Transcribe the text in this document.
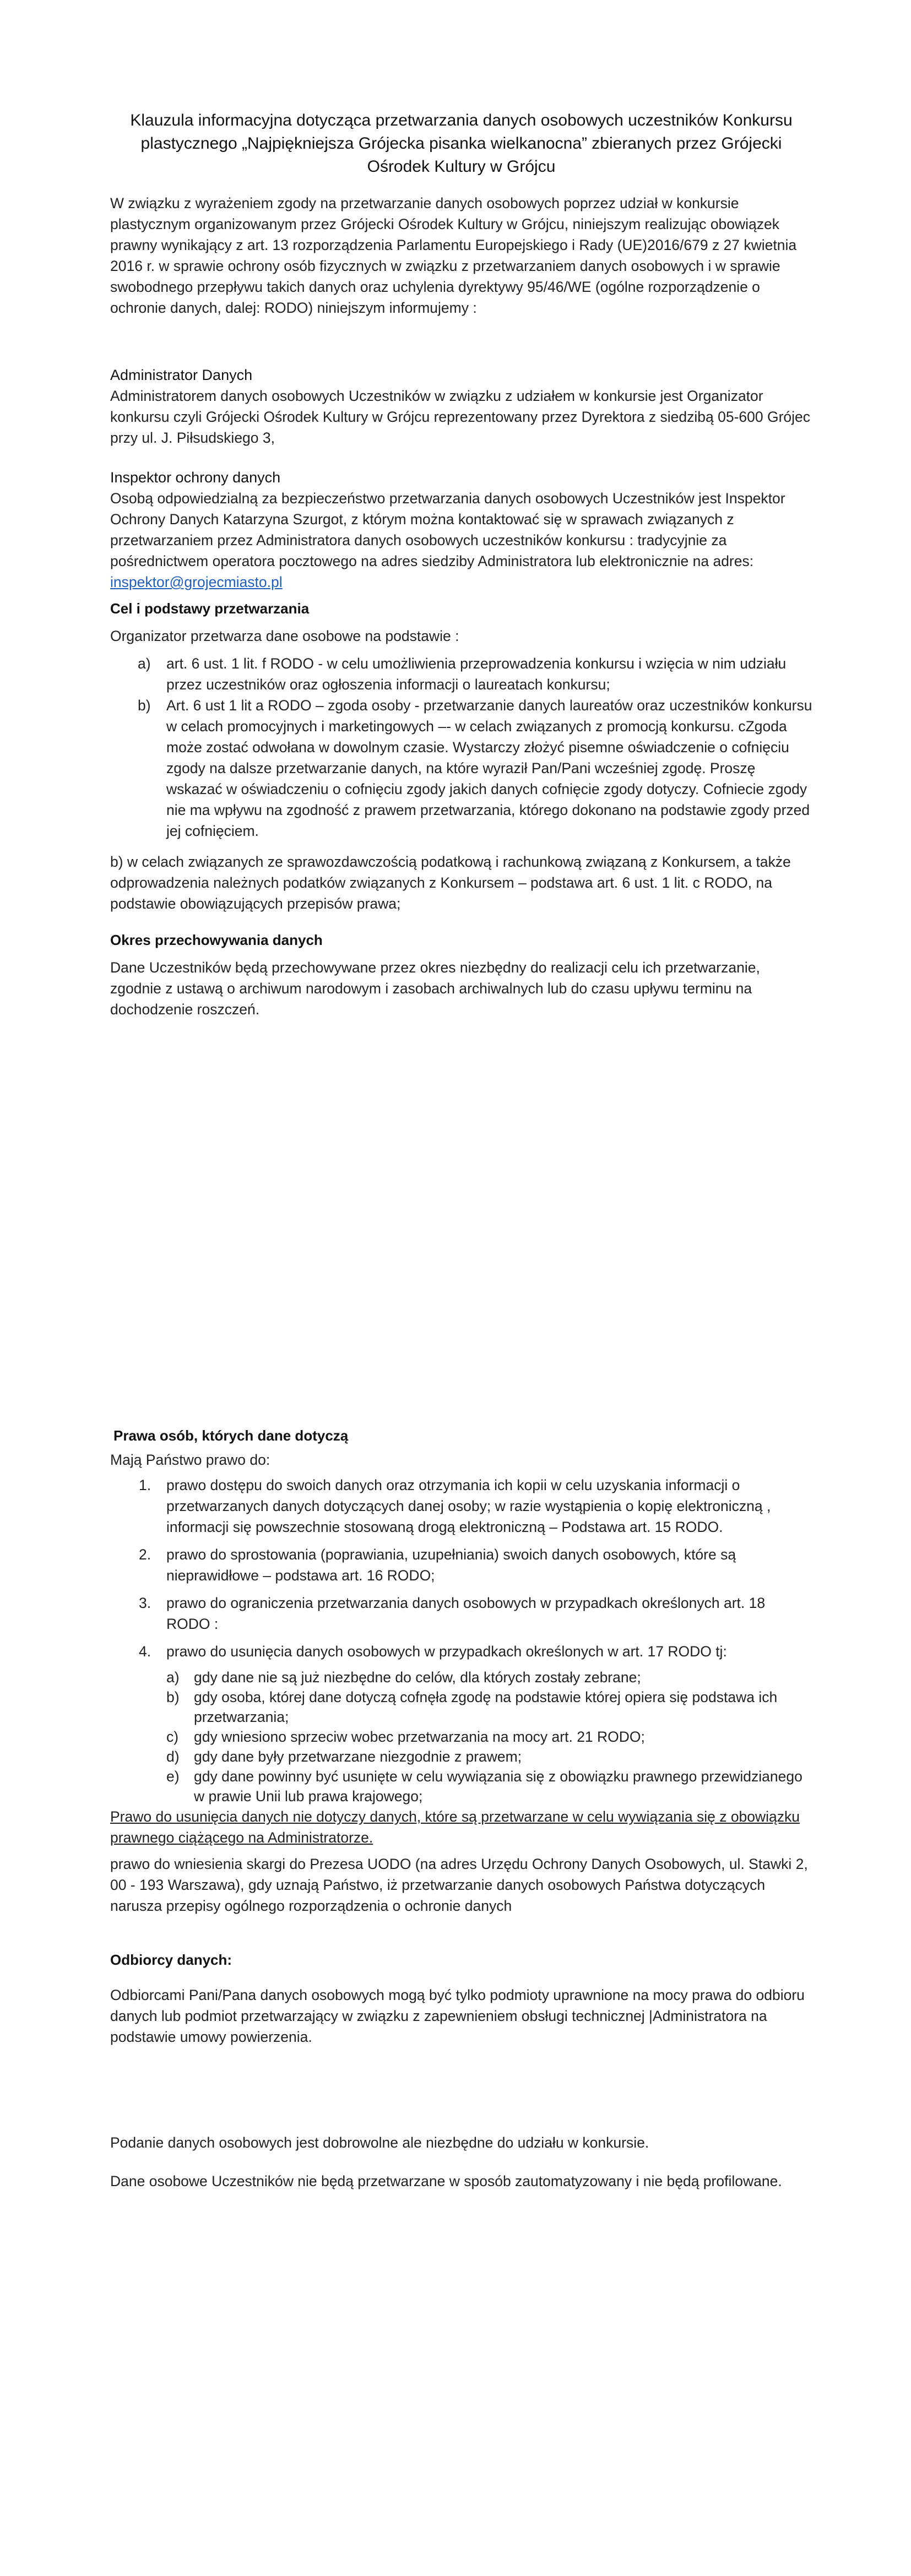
Klauzula informacyjna dotycząca przetwarzania danych osobowych uczestników Konkursu plastycznego „Najpiękniejsza Grójecka pisanka wielkanocna” zbieranych przez Grójecki Ośrodek Kultury w Grójcu

W związku z wyrażeniem zgody na przetwarzanie danych osobowych poprzez udział w konkursie plastycznym organizowanym przez Grójecki Ośrodek Kultury w Grójcu, niniejszym realizując obowiązek prawny wynikający z art. 13 rozporządzenia Parlamentu Europejskiego i Rady (UE)2016/679 z 27 kwietnia 2016 r. w sprawie ochrony osób fizycznych w związku z przetwarzaniem danych osobowych i w sprawie swobodnego przepływu takich danych oraz uchylenia dyrektywy 95/46/WE (ogólne rozporządzenie o ochronie danych, dalej: RODO) niniejszym informujemy :

Administrator Danych

Administratorem danych osobowych Uczestników w związku z udziałem w konkursie jest Organizator konkursu czyli Grójecki Ośrodek Kultury w Grójcu reprezentowany przez Dyrektora z siedzibą 05-600 Grójec przy ul. J. Piłsudskiego 3,

Inspektor ochrony danych

Osobą odpowiedzialną za bezpieczeństwo przetwarzania danych osobowych Uczestników jest Inspektor Ochrony Danych Katarzyna Szurgot, z którym można kontaktować się w sprawach związanych z przetwarzaniem przez Administratora danych osobowych uczestników konkursu : tradycyjnie za pośrednictwem operatora pocztowego na adres siedziby Administratora lub elektronicznie na adres: inspektor@grojecmiasto.pl

Cel i podstawy przetwarzania

Organizator przetwarza dane osobowe na podstawie :

a) art. 6 ust. 1 lit. f RODO - w celu umożliwienia przeprowadzenia konkursu i wzięcia w nim udziału przez uczestników oraz ogłoszenia informacji o laureatach konkursu;
b) Art. 6 ust 1 lit a RODO – zgoda osoby - przetwarzanie danych laureatów oraz uczestników konkursu w celach promocyjnych i marketingowych –- w celach związanych z promocją konkursu. cZgoda może zostać odwołana w dowolnym czasie. Wystarczy złożyć pisemne oświadczenie o cofnięciu zgody na dalsze przetwarzanie danych, na które wyraził Pan/Pani wcześniej zgodę. Proszę wskazać w oświadczeniu o cofnięciu zgody jakich danych cofnięcie zgody dotyczy. Cofniecie zgody nie ma wpływu na zgodność z prawem przetwarzania, którego dokonano na podstawie zgody przed jej cofnięciem.

b) w celach związanych ze sprawozdawczością podatkową i rachunkową związaną z Konkursem, a także odprowadzenia należnych podatków związanych z Konkursem – podstawa art. 6 ust. 1 lit. c RODO, na podstawie obowiązujących przepisów prawa;

Okres przechowywania danych

Dane Uczestników będą przechowywane przez okres niezbędny do realizacji celu ich przetwarzanie, zgodnie z ustawą o archiwum narodowym i zasobach archiwalnych lub do czasu upływu terminu na dochodzenie roszczeń.

Prawa osób, których dane dotyczą

Mają Państwo prawo do:

1. prawo dostępu do swoich danych oraz otrzymania ich kopii w celu uzyskania informacji o przetwarzanych danych dotyczących danej osoby; w razie wystąpienia o kopię elektroniczną , informacji się powszechnie stosowaną drogą elektroniczną – Podstawa art. 15 RODO.
2. prawo do sprostowania (poprawiania, uzupełniania) swoich danych osobowych, które są nieprawidłowe – podstawa art. 16 RODO;
3. prawo do ograniczenia przetwarzania danych osobowych w przypadkach określonych art. 18 RODO :
4. prawo do usunięcia danych osobowych w przypadkach określonych w art. 17 RODO tj:
a) gdy dane nie są już niezbędne do celów, dla których zostały zebrane;
b) gdy osoba, której dane dotyczą cofnęła zgodę na podstawie której opiera się podstawa ich przetwarzania;
c) gdy wniesiono sprzeciw wobec przetwarzania na mocy art. 21 RODO;
d) gdy dane były przetwarzane niezgodnie z prawem;
e) gdy dane powinny być usunięte w celu wywiązania się z obowiązku prawnego przewidzianego w prawie Unii lub prawa krajowego;

Prawo do usunięcia danych nie dotyczy danych, które są przetwarzane w celu wywiązania się z obowiązku prawnego ciążącego na Administratorze.

prawo do wniesienia skargi do Prezesa UODO (na adres Urzędu Ochrony Danych Osobowych, ul. Stawki 2, 00 - 193 Warszawa), gdy uznają Państwo, iż przetwarzanie danych osobowych Państwa dotyczących narusza przepisy ogólnego rozporządzenia o ochronie danych

Odbiorcy danych:

Odbiorcami Pani/Pana danych osobowych mogą być tylko podmioty uprawnione na mocy prawa do odbioru danych lub podmiot przetwarzający w związku z zapewnieniem obsługi technicznej |Administratora na podstawie umowy powierzenia.

Podanie danych osobowych jest dobrowolne ale niezbędne do udziału w konkursie.

Dane osobowe Uczestników nie będą przetwarzane w sposób zautomatyzowany i nie będą profilowane.
